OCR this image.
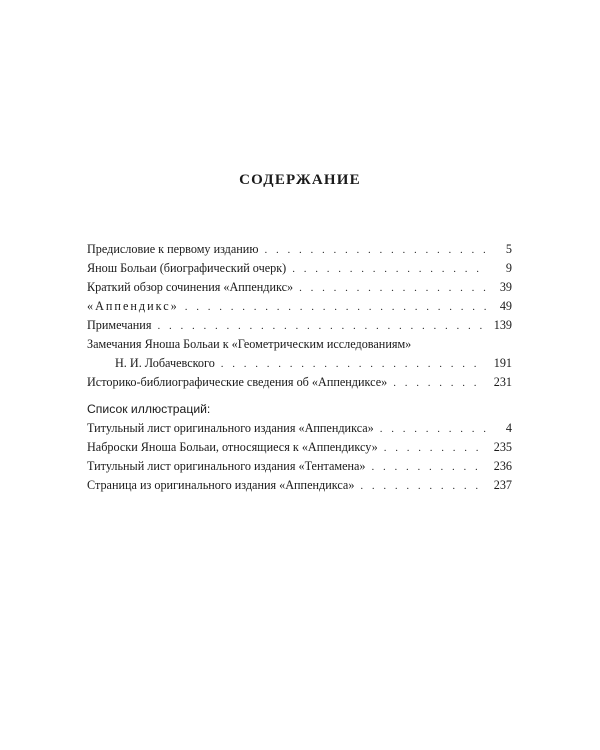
СОДЕРЖАНИЕ
Предисловие к первому изданию . . .	5
Янош Больаи (биографический очерк) . . .	9
Краткий обзор сочинения «Аппендикс» . . .	39
«Аппендикс» . . .	49
Примечания . . .	139
Замечания Яноша Больаи к «Геометрическим исследованиям»
Н. И. Лобачевского . . .	191
Историко-библиографические сведения об «Аппендиксе» . . .	231
Список иллюстраций:
Титульный лист оригинального издания «Аппендикса» . . .	4
Наброски Яноша Больаи, относящиеся к «Аппендиксу» . . .	235
Титульный лист оригинального издания «Тентамена» . . .	236
Страница из оригинального издания «Аппендикса» . . .	237
